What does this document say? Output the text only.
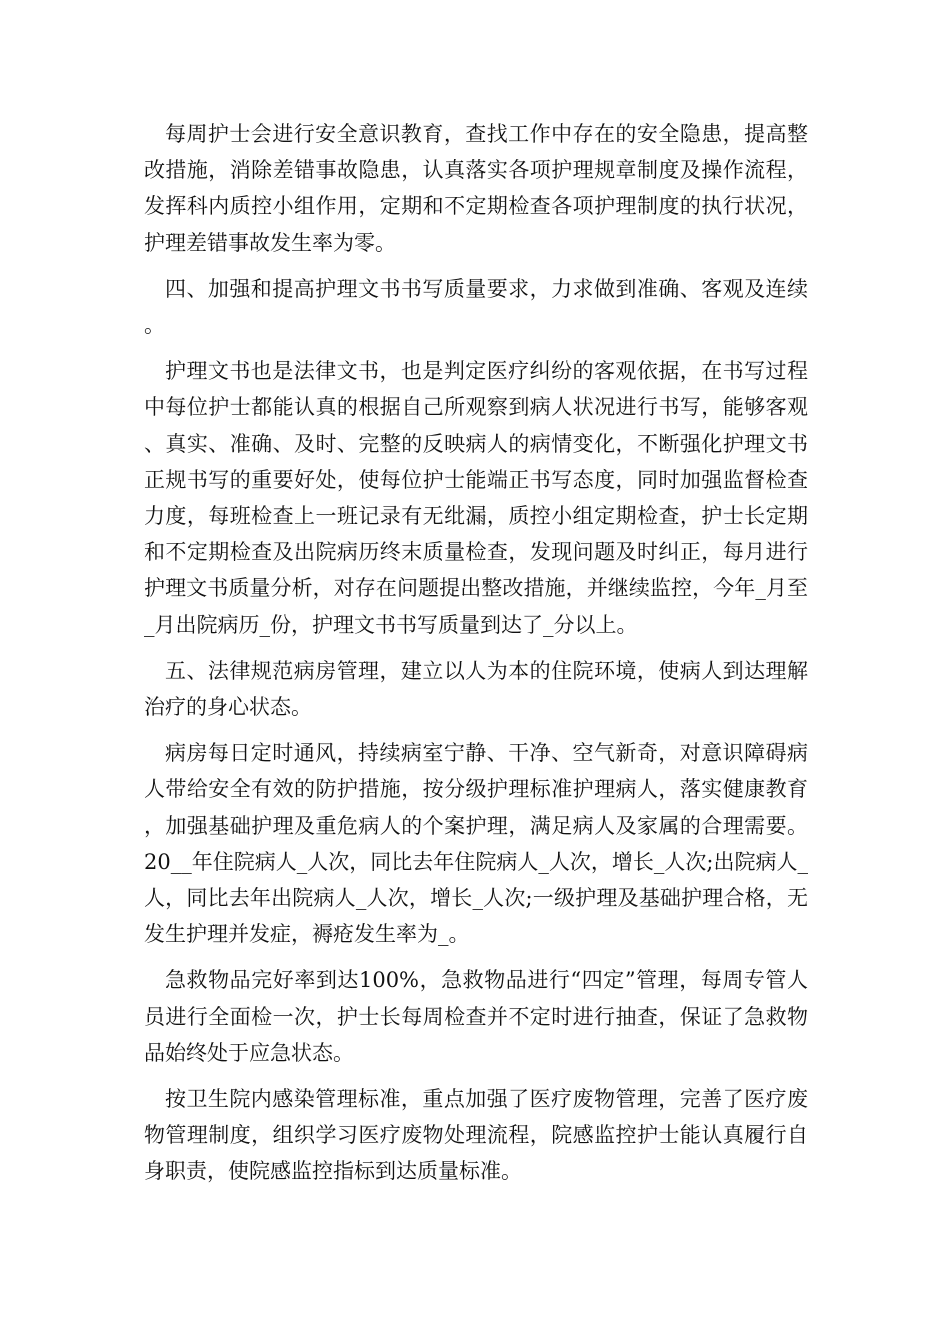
每周护士会进行安全意识教育，查找工作中存在的安全隐患，提高整改措施，消除差错事故隐患，认真落实各项护理规章制度及操作流程，发挥科内质控小组作用，定期和不定期检查各项护理制度的执行状况，护理差错事故发生率为零。

四、加强和提高护理文书书写质量要求，力求做到准确、客观及连续。

护理文书也是法律文书，也是判定医疗纠纷的客观依据，在书写过程中每位护士都能认真的根据自己所观察到病人状况进行书写，能够客观、真实、准确、及时、完整的反映病人的病情变化，不断强化护理文书正规书写的重要好处，使每位护士能端正书写态度，同时加强监督检查力度，每班检查上一班记录有无纰漏，质控小组定期检查，护士长定期和不定期检查及出院病历终末质量检查，发现问题及时纠正，每月进行护理文书质量分析，对存在问题提出整改措施，并继续监控，今年_月至_月出院病历_份，护理文书书写质量到达了_分以上。

五、法律规范病房管理，建立以人为本的住院环境，使病人到达理解治疗的身心状态。

病房每日定时通风，持续病室宁静、干净、空气新奇，对意识障碍病人带给安全有效的防护措施，按分级护理标准护理病人，落实健康教育，加强基础护理及重危病人的个案护理，满足病人及家属的合理需要。20__年住院病人_人次，同比去年住院病人_人次，增长_人次;出院病人_人，同比去年出院病人_人次，增长_人次;一级护理及基础护理合格，无发生护理并发症，褥疮发生率为_。

急救物品完好率到达100%，急救物品进行“四定”管理，每周专管人员进行全面检一次，护士长每周检查并不定时进行抽查，保证了急救物品始终处于应急状态。

按卫生院内感染管理标准，重点加强了医疗废物管理，完善了医疗废物管理制度，组织学习医疗废物处理流程，院感监控护士能认真履行自身职责，使院感监控指标到达质量标准。
